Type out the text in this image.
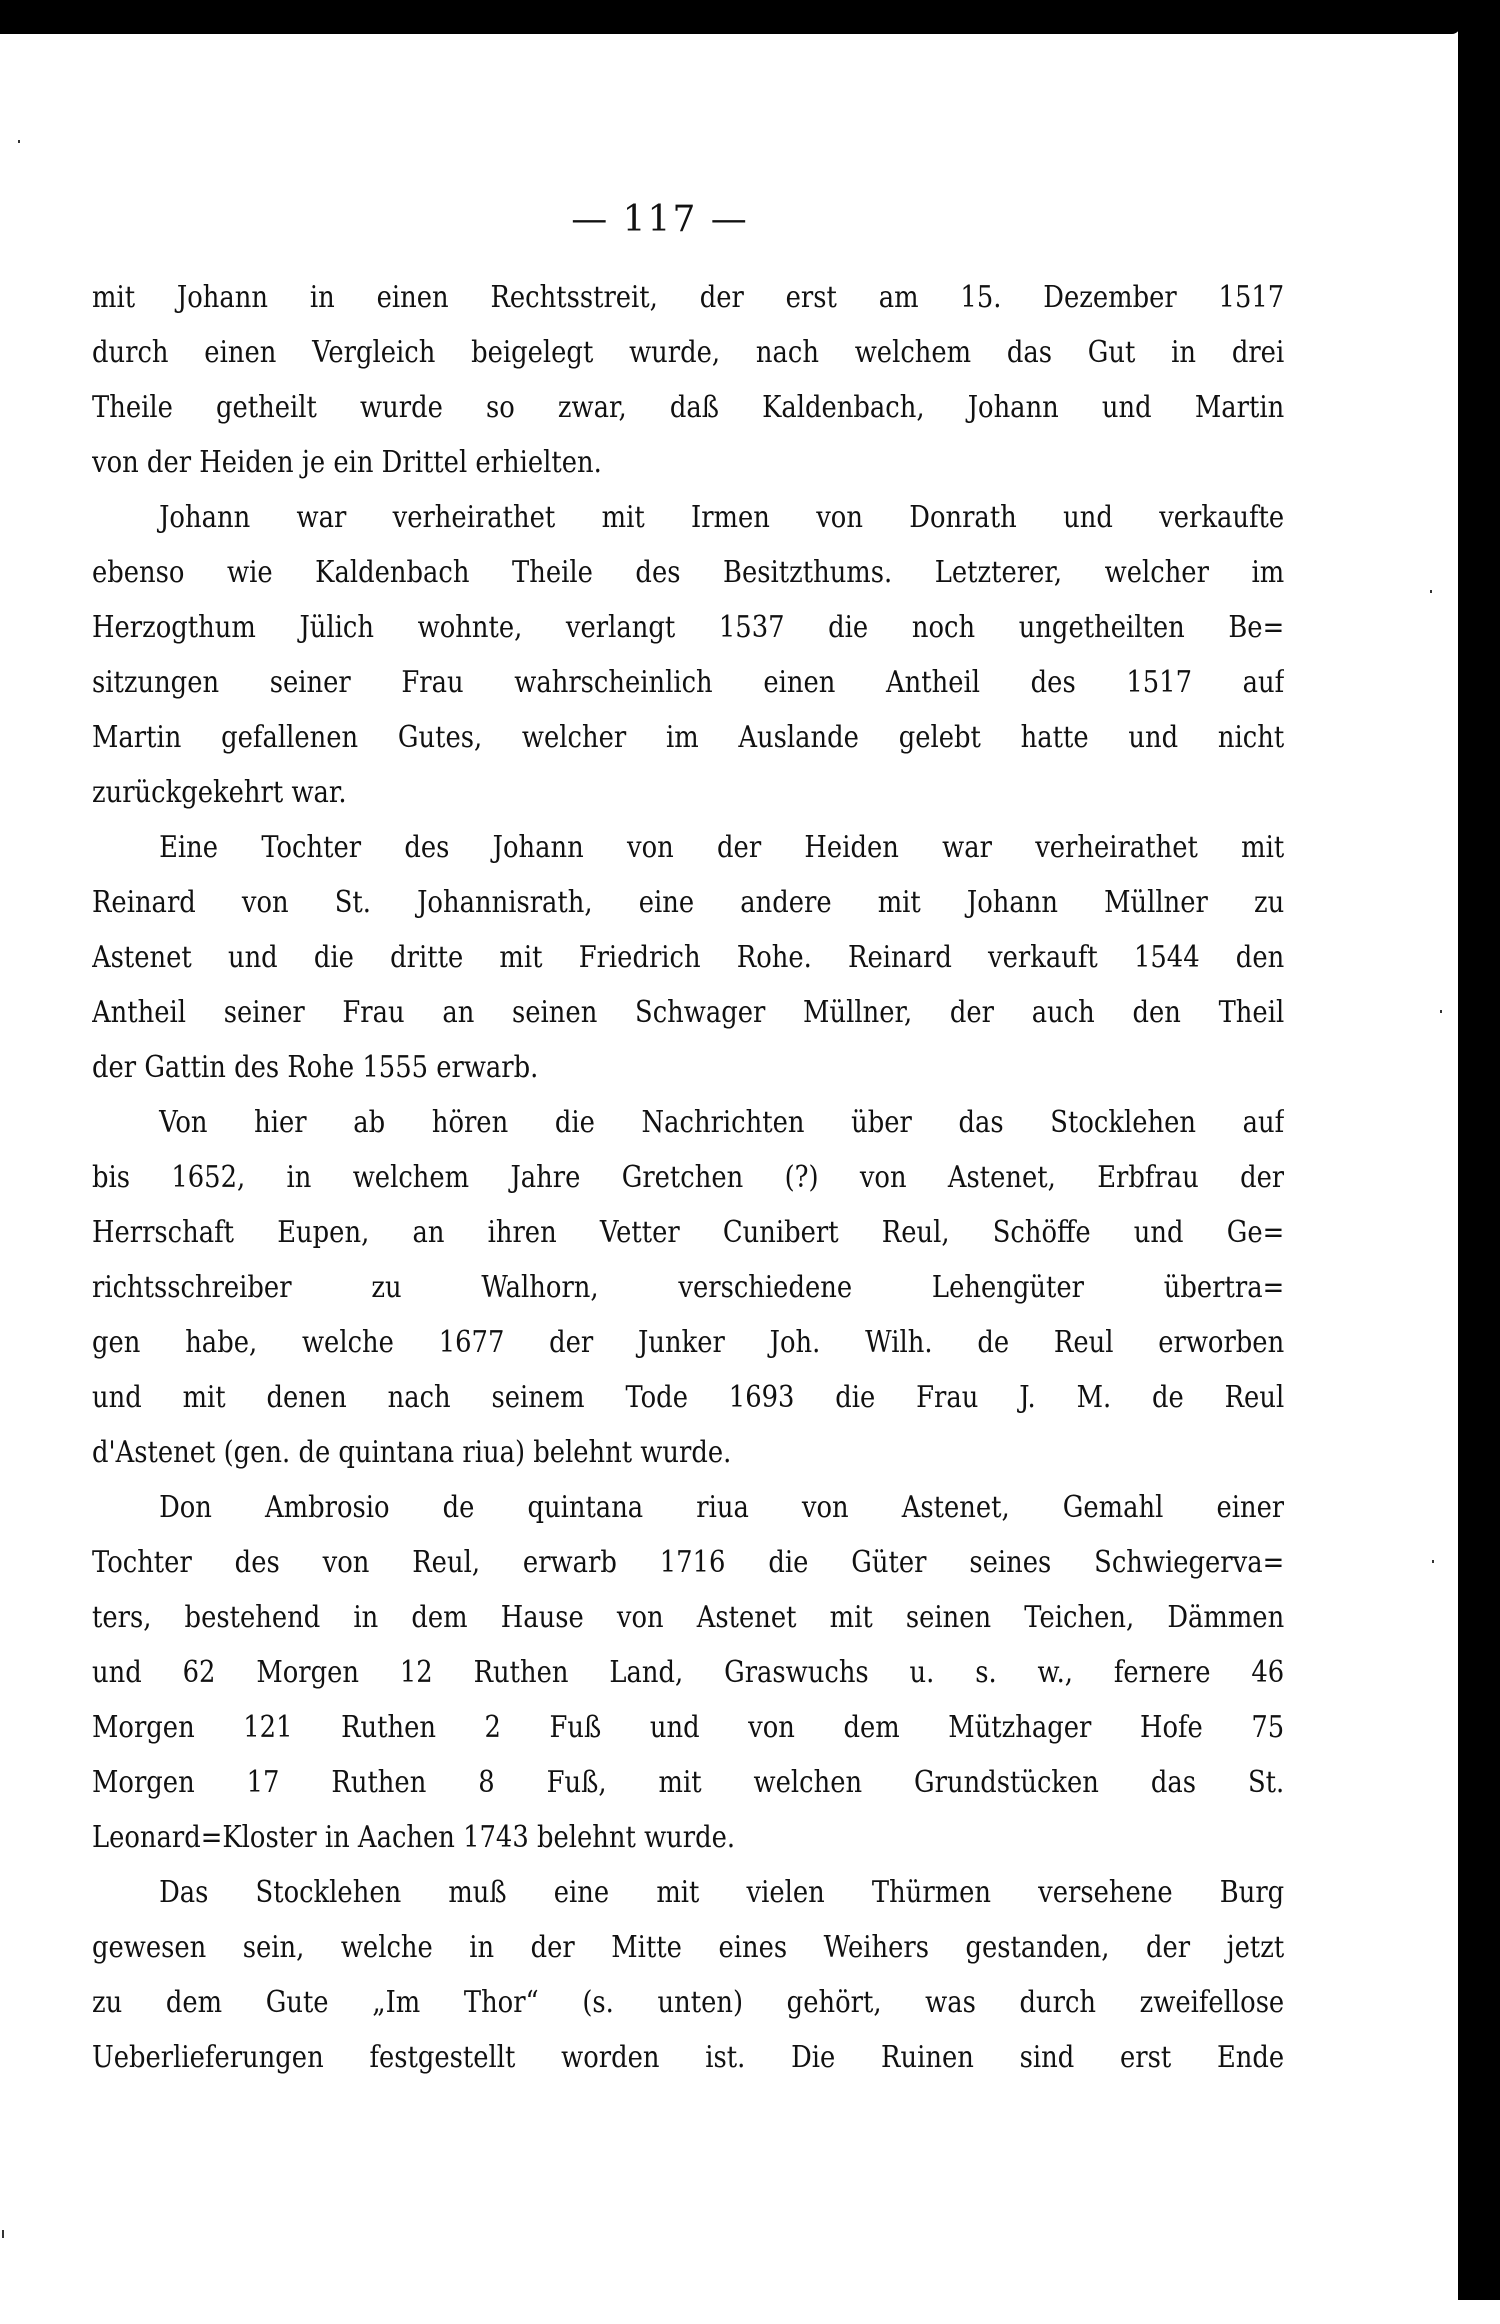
— 117 —
mit Johann in einen Rechtsstreit, der erst am 15. Dezember 1517
durch einen Vergleich beigelegt wurde, nach welchem das Gut in drei
Theile getheilt wurde so zwar, daß Kaldenbach, Johann und Martin
von der Heiden je ein Drittel erhielten.
Johann war verheirathet mit Irmen von Donrath und verkaufte
ebenso wie Kaldenbach Theile des Besitzthums. Letzterer, welcher im
Herzogthum Jülich wohnte, verlangt 1537 die noch ungetheilten Be=
sitzungen seiner Frau wahrscheinlich einen Antheil des 1517 auf
Martin gefallenen Gutes, welcher im Auslande gelebt hatte und nicht
zurückgekehrt war.
Eine Tochter des Johann von der Heiden war verheirathet mit
Reinard von St. Johannisrath, eine andere mit Johann Müllner zu
Astenet und die dritte mit Friedrich Rohe. Reinard verkauft 1544 den
Antheil seiner Frau an seinen Schwager Müllner, der auch den Theil
der Gattin des Rohe 1555 erwarb.
Von hier ab hören die Nachrichten über das Stocklehen auf
bis 1652, in welchem Jahre Gretchen (?) von Astenet, Erbfrau der
Herrschaft Eupen, an ihren Vetter Cunibert Reul, Schöffe und Ge=
richtsschreiber zu Walhorn, verschiedene Lehengüter übertra=
gen habe, welche 1677 der Junker Joh. Wilh. de Reul erworben
und mit denen nach seinem Tode 1693 die Frau J. M. de Reul
d'Astenet (gen. de quintana riua) belehnt wurde.
Don Ambrosio de quintana riua von Astenet, Gemahl einer
Tochter des von Reul, erwarb 1716 die Güter seines Schwiegerva=
ters, bestehend in dem Hause von Astenet mit seinen Teichen, Dämmen
und 62 Morgen 12 Ruthen Land, Graswuchs u. s. w., fernere 46
Morgen 121 Ruthen 2 Fuß und von dem Mützhager Hofe 75
Morgen 17 Ruthen 8 Fuß, mit welchen Grundstücken das St.
Leonard=Kloster in Aachen 1743 belehnt wurde.
Das Stocklehen muß eine mit vielen Thürmen versehene Burg
gewesen sein, welche in der Mitte eines Weihers gestanden, der jetzt
zu dem Gute „Im Thor“ (s. unten) gehört, was durch zweifellose
Ueberlieferungen festgestellt worden ist. Die Ruinen sind erst Ende
